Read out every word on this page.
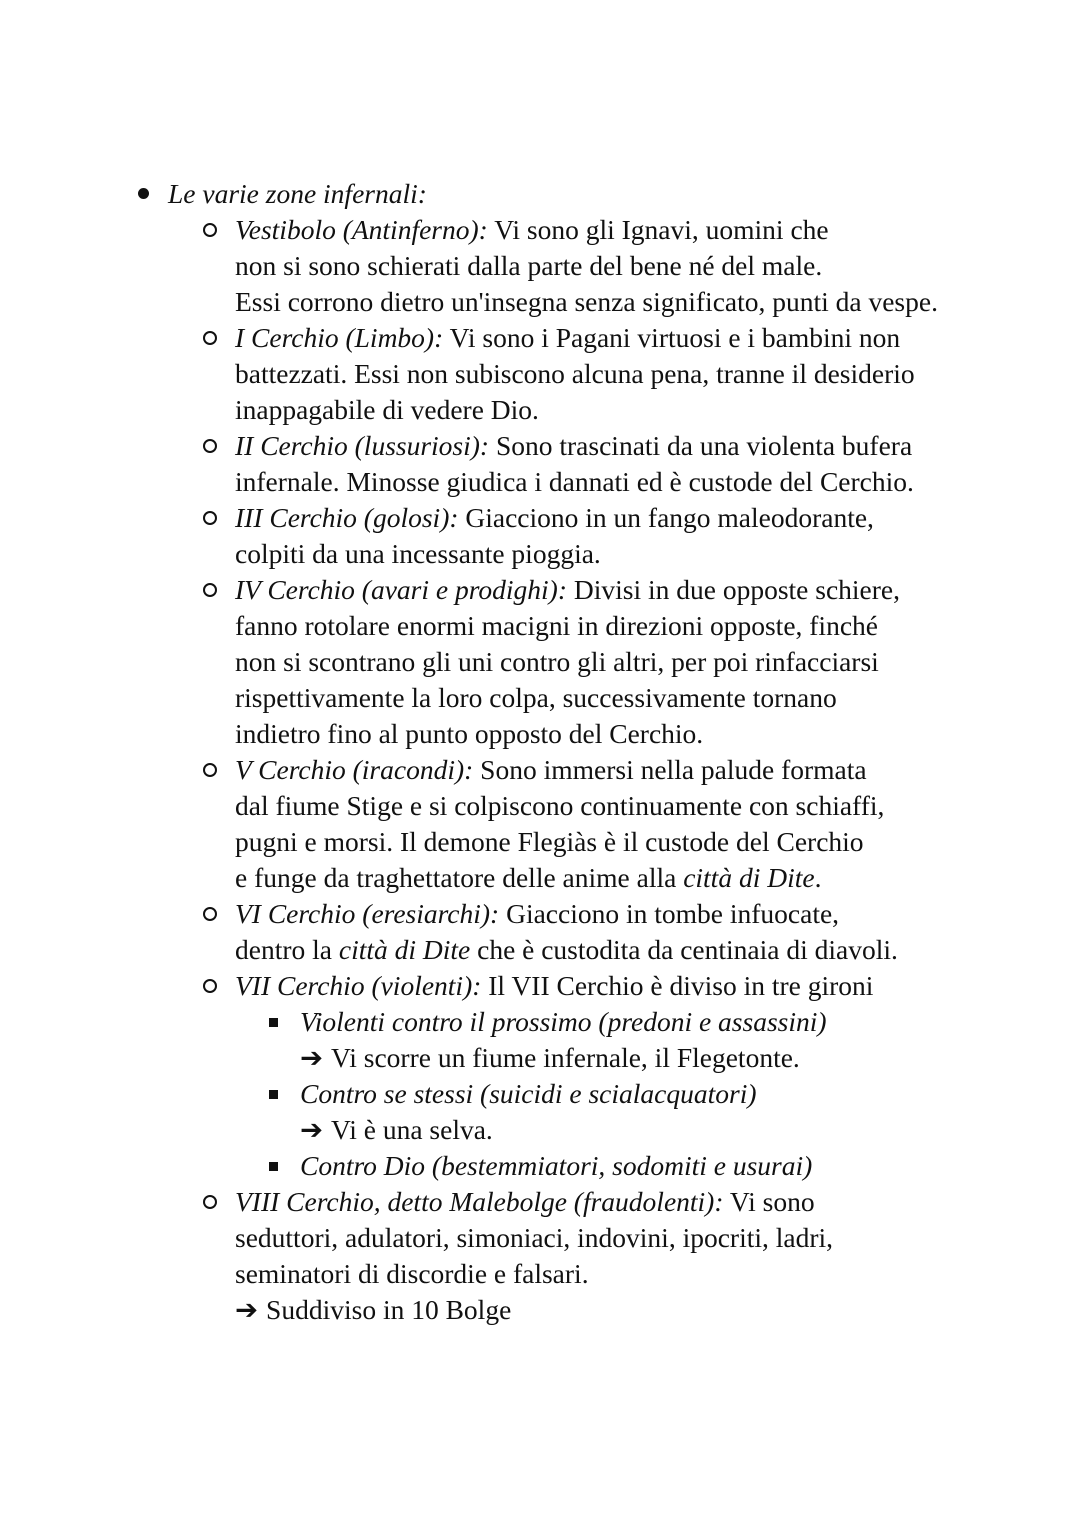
Le varie zone infernali:
Vestibolo (Antinferno): Vi sono gli Ignavi, uomini che
non si sono schierati dalla parte del bene né del male.
Essi corrono dietro un'insegna senza significato, punti da vespe.
I Cerchio (Limbo): Vi sono i Pagani virtuosi e i bambini non
battezzati. Essi non subiscono alcuna pena, tranne il desiderio
inappagabile di vedere Dio.
II Cerchio (lussuriosi): Sono trascinati da una violenta bufera
infernale. Minosse giudica i dannati ed è custode del Cerchio.
III Cerchio (golosi): Giacciono in un fango maleodorante,
colpiti da una incessante pioggia.
IV Cerchio (avari e prodighi): Divisi in due opposte schiere,
fanno rotolare enormi macigni in direzioni opposte, finché
non si scontrano gli uni contro gli altri, per poi rinfacciarsi
rispettivamente la loro colpa, successivamente tornano
indietro fino al punto opposto del Cerchio.
V Cerchio (iracondi): Sono immersi nella palude formata
dal fiume Stige e si colpiscono continuamente con schiaffi,
pugni e morsi. Il demone Flegiàs è il custode del Cerchio
e funge da traghettatore delle anime alla città di Dite.
VI Cerchio (eresiarchi): Giacciono in tombe infuocate,
dentro la città di Dite che è custodita da centinaia di diavoli.
VII Cerchio (violenti): Il VII Cerchio è diviso in tre gironi
Violenti contro il prossimo (predoni e assassini)
➔ Vi scorre un fiume infernale, il Flegetonte.
Contro se stessi (suicidi e scialacquatori)
➔ Vi è una selva.
Contro Dio (bestemmiatori, sodomiti e usurai)
VIII Cerchio, detto Malebolge (fraudolenti): Vi sono
seduttori, adulatori, simoniaci, indovini, ipocriti, ladri,
seminatori di discordie e falsari.
➔ Suddiviso in 10 Bolge
